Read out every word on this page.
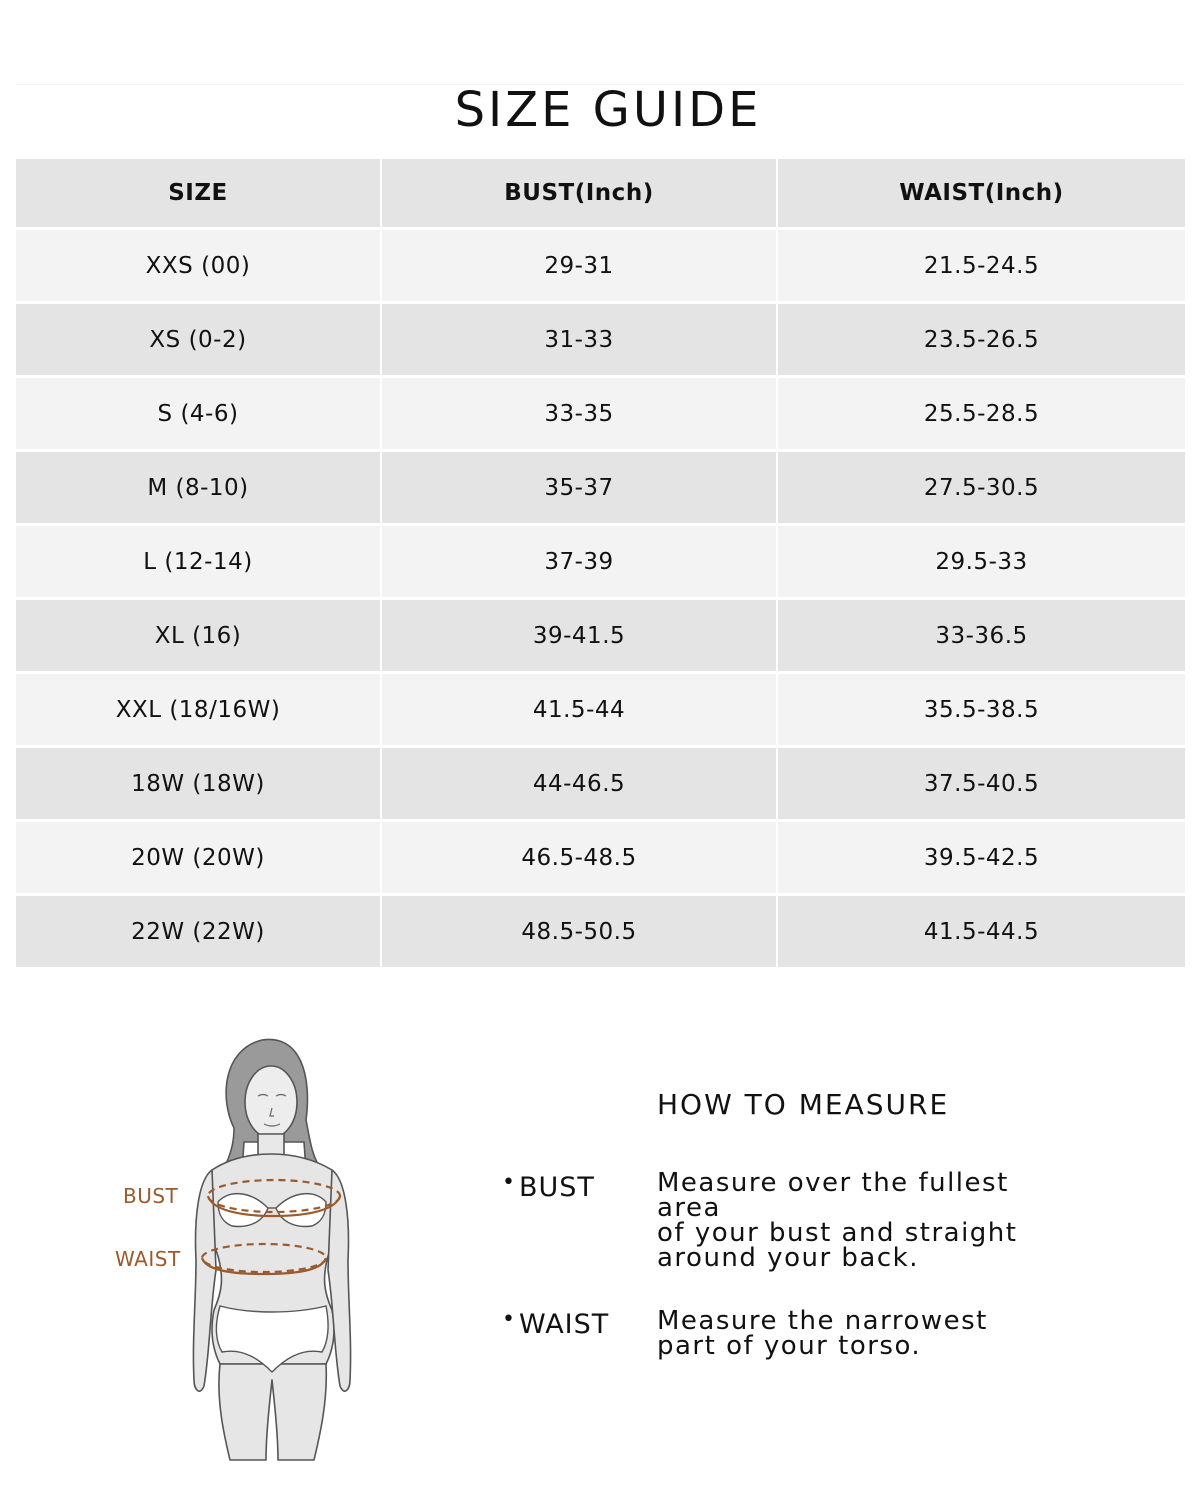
SIZE GUIDE
SIZE	BUST(Inch)	WAIST(Inch)
XXS (00)	29-31	21.5-24.5
XS (0-2)	31-33	23.5-26.5
S (4-6)	33-35	25.5-28.5
M (8-10)	35-37	27.5-30.5
L (12-14)	37-39	29.5-33
XL (16)	39-41.5	33-36.5
XXL (18/16W)	41.5-44	35.5-38.5
18W (18W)	44-46.5	37.5-40.5
20W (20W)	46.5-48.5	39.5-42.5
22W (22W)	48.5-50.5	41.5-44.5
BUST
WAIST
HOW TO MEASURE
• BUST Measure over the fullest area
of your bust and straight
around your back.
• WAIST Measure the narrowest
part of your torso.
